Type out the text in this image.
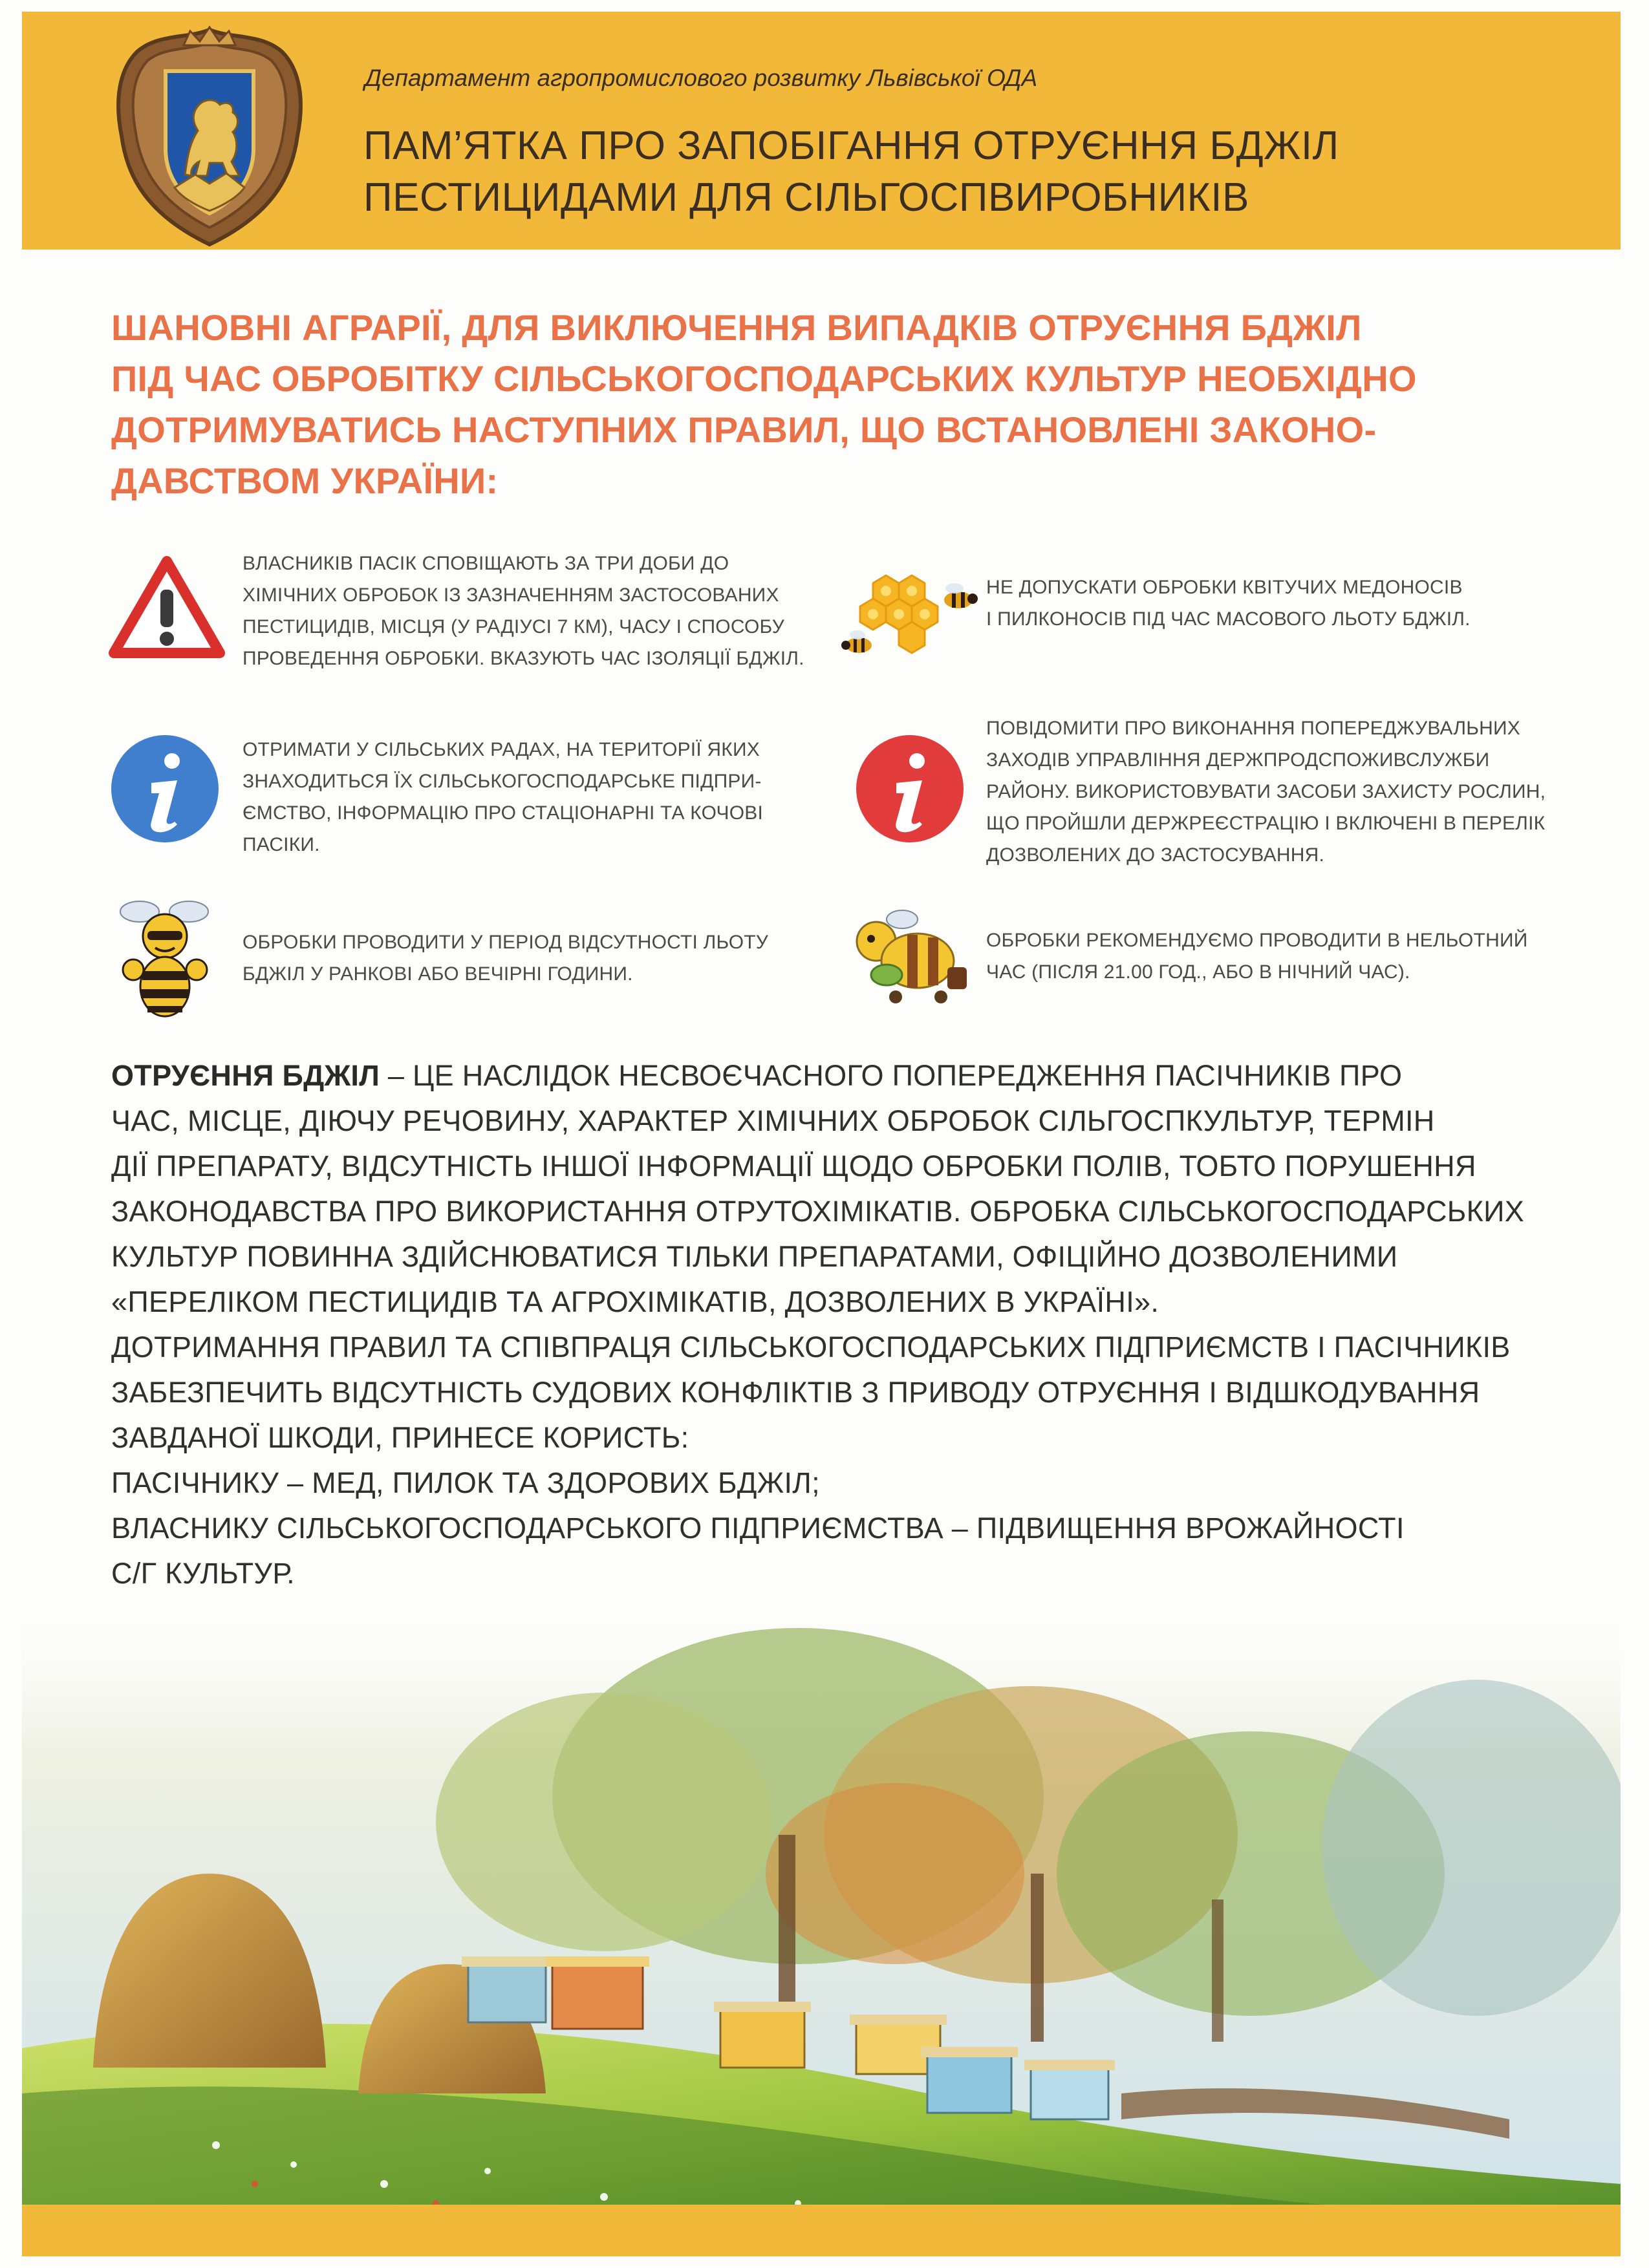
Департамент агропромислового розвитку Львівської ОДА
ПАМ’ЯТКА ПРО ЗАПОБІГАННЯ ОТРУЄННЯ БДЖІЛ
ПЕСТИЦИДАМИ ДЛЯ СІЛЬГОСПВИРОБНИКІВ
ШАНОВНІ АГРАРІЇ, ДЛЯ ВИКЛЮЧЕННЯ ВИПАДКІВ ОТРУЄННЯ БДЖІЛ
ПІД ЧАС ОБРОБІТКУ СІЛЬСЬКОГОСПОДАРСЬКИХ КУЛЬТУР НЕОБХІДНО
ДОТРИМУВАТИСЬ НАСТУПНИХ ПРАВИЛ, ЩО ВСТАНОВЛЕНІ ЗАКОНО-
ДАВСТВОМ УКРАЇНИ:
ВЛАСНИКІВ ПАСІК СПОВІЩАЮТЬ ЗА ТРИ ДОБИ ДО
ХІМІЧНИХ ОБРОБОК ІЗ ЗАЗНАЧЕННЯМ ЗАСТОСОВАНИХ
ПЕСТИЦИДІВ, МІСЦЯ (У РАДІУСІ 7 КМ), ЧАСУ І СПОСОБУ
ПРОВЕДЕННЯ ОБРОБКИ. ВКАЗУЮТЬ ЧАС ІЗОЛЯЦІЇ БДЖІЛ.
НЕ ДОПУСКАТИ ОБРОБКИ КВІТУЧИХ МЕДОНОСІВ
І ПИЛКОНОСІВ ПІД ЧАС МАСОВОГО ЛЬОТУ БДЖІЛ.
ОТРИМАТИ У СІЛЬСЬКИХ РАДАХ, НА ТЕРИТОРІЇ ЯКИХ
ЗНАХОДИТЬСЯ ЇХ СІЛЬСЬКОГОСПОДАРСЬКЕ ПІДПРИ-
ЄМСТВО, ІНФОРМАЦІЮ ПРО СТАЦІОНАРНІ ТА КОЧОВІ
ПАСІКИ.
ПОВІДОМИТИ ПРО ВИКОНАННЯ ПОПЕРЕДЖУВАЛЬНИХ
ЗАХОДІВ УПРАВЛІННЯ ДЕРЖПРОДСПОЖИВСЛУЖБИ
РАЙОНУ. ВИКОРИСТОВУВАТИ ЗАСОБИ ЗАХИСТУ РОСЛИН,
ЩО ПРОЙШЛИ ДЕРЖРЕЄСТРАЦІЮ І ВКЛЮЧЕНІ В ПЕРЕЛІК
ДОЗВОЛЕНИХ ДО ЗАСТОСУВАННЯ.
ОБРОБКИ ПРОВОДИТИ У ПЕРІОД ВІДСУТНОСТІ ЛЬОТУ
БДЖІЛ У РАНКОВІ АБО ВЕЧІРНІ ГОДИНИ.
ОБРОБКИ РЕКОМЕНДУЄМО ПРОВОДИТИ В НЕЛЬОТНИЙ
ЧАС (ПІСЛЯ 21.00 ГОД., АБО В НІЧНИЙ ЧАС).
ОТРУЄННЯ БДЖІЛ – ЦЕ НАСЛІДОК НЕСВОЄЧАСНОГО ПОПЕРЕДЖЕННЯ ПАСІЧНИКІВ ПРО
ЧАС, МІСЦЕ, ДІЮЧУ РЕЧОВИНУ, ХАРАКТЕР ХІМІЧНИХ ОБРОБОК СІЛЬГОСПКУЛЬТУР, ТЕРМІН
ДІЇ ПРЕПАРАТУ, ВІДСУТНІСТЬ ІНШОЇ ІНФОРМАЦІЇ ЩОДО ОБРОБКИ ПОЛІВ, ТОБТО ПОРУШЕННЯ
ЗАКОНОДАВСТВА ПРО ВИКОРИСТАННЯ ОТРУТОХІМІКАТІВ. ОБРОБКА СІЛЬСЬКОГОСПОДАРСЬКИХ
КУЛЬТУР ПОВИННА ЗДІЙСНЮВАТИСЯ ТІЛЬКИ ПРЕПАРАТАМИ, ОФІЦІЙНО ДОЗВОЛЕНИМИ
«ПЕРЕЛІКОМ ПЕСТИЦИДІВ ТА АГРОХІМІКАТІВ, ДОЗВОЛЕНИХ В УКРАЇНІ».
ДОТРИМАННЯ ПРАВИЛ ТА СПІВПРАЦЯ СІЛЬСЬКОГОСПОДАРСЬКИХ ПІДПРИЄМСТВ І ПАСІЧНИКІВ
ЗАБЕЗПЕЧИТЬ ВІДСУТНІСТЬ СУДОВИХ КОНФЛІКТІВ З ПРИВОДУ ОТРУЄННЯ І ВІДШКОДУВАННЯ
ЗАВДАНОЇ ШКОДИ, ПРИНЕСЕ КОРИСТЬ:
ПАСІЧНИКУ – МЕД, ПИЛОК ТА ЗДОРОВИХ БДЖІЛ;
ВЛАСНИКУ СІЛЬСЬКОГОСПОДАРСЬКОГО ПІДПРИЄМСТВА – ПІДВИЩЕННЯ ВРОЖАЙНОСТІ
С/Г КУЛЬТУР.
